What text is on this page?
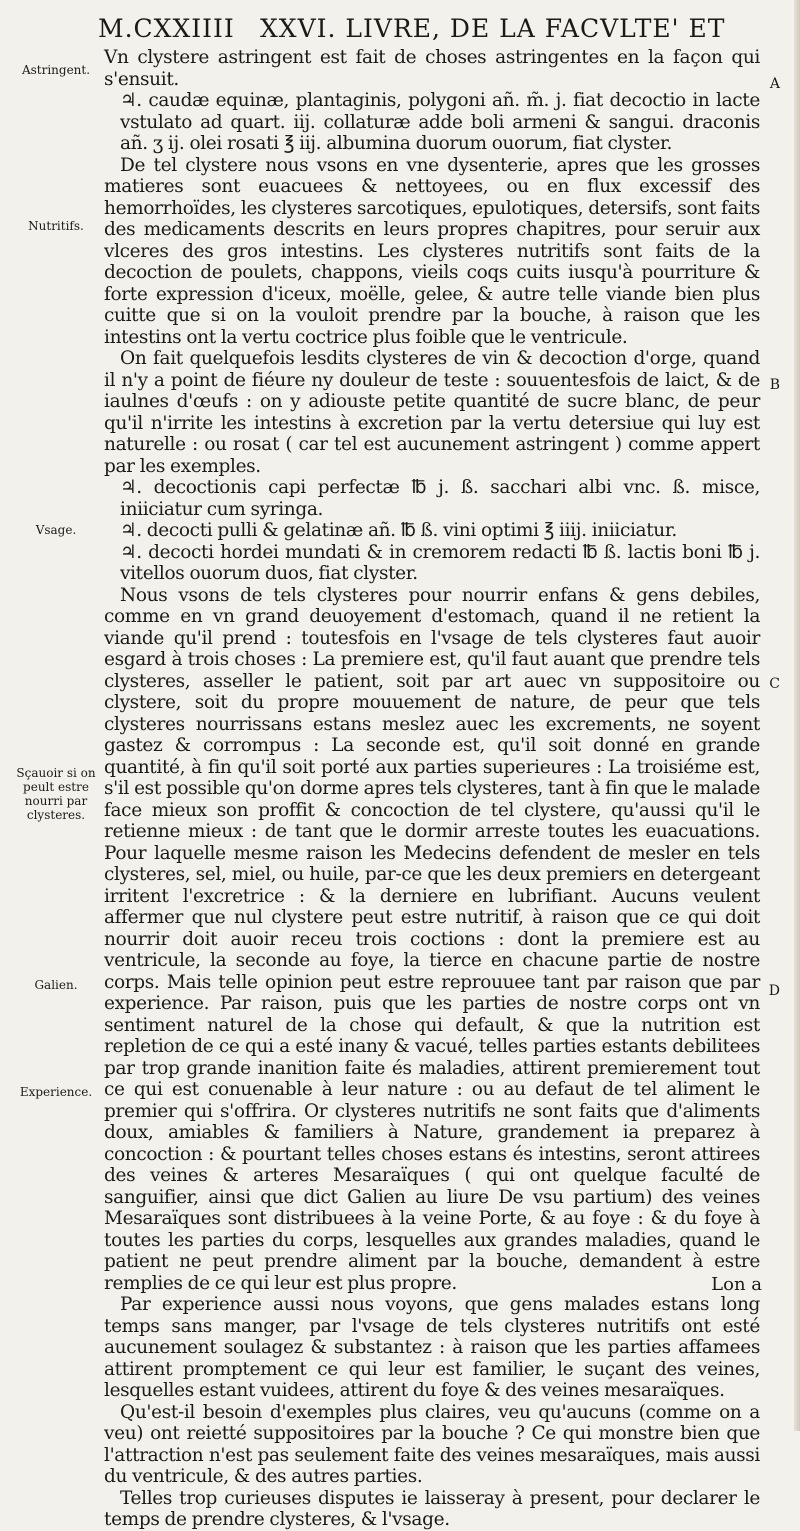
M.CXXIIII XXVI. LIVRE, DE LA FACVLTE' ET
Astringent.
Nutritifs.
Vsage.
Sçauoir si on peult estre nourri par clysteres.
Galien.
Experience.
A
B
C
D

Vn clystere astringent est fait de choses astringentes en la façon qui s'ensuit.

♃. caudæ equinæ, plantaginis, polygoni añ. m̃. j. fiat decoctio in lacte vstulato ad quart. iij. collaturæ adde boli armeni & sangui. draconis añ. ʒ ij. olei rosati ℥ iij. albumina duorum ouorum, fiat clyster.

De tel clystere nous vsons en vne dysenterie, apres que les grosses matieres sont euacuees & nettoyees, ou en flux excessif des hemorrhoïdes, les clysteres sarcotiques, epulotiques, detersifs, sont faits des medicaments descrits en leurs propres chapitres, pour seruir aux vlceres des gros intestins. Les clysteres nutritifs sont faits de la decoction de poulets, chappons, vieils coqs cuits iusqu'à pourriture & forte expression d'iceux, moëlle, gelee, & autre telle viande bien plus cuitte que si on la vouloit prendre par la bouche, à raison que les intestins ont la vertu coctrice plus foible que le ventricule.

On fait quelquefois lesdits clysteres de vin & decoction d'orge, quand il n'y a point de fiéure ny douleur de teste : souuentesfois de laict, & de iaulnes d'œufs : on y adiouste petite quantité de sucre blanc, de peur qu'il n'irrite les intestins à excretion par la vertu detersiue qui luy est naturelle : ou rosat ( car tel est aucunement astringent ) comme appert par les exemples.

♃. decoctionis capi perfectæ ℔ j. ß. sacchari albi vnc. ß. misce, iniiciatur cum syringa.

♃. decocti pulli & gelatinæ añ. ℔ ß. vini optimi ℥ iiij. iniiciatur.

♃. decocti hordei mundati & in cremorem redacti ℔ ß. lactis boni ℔ j. vitellos ouorum duos, fiat clyster.

Nous vsons de tels clysteres pour nourrir enfans & gens debiles, comme en vn grand deuoyement d'estomach, quand il ne retient la viande qu'il prend : toutesfois en l'vsage de tels clysteres faut auoir esgard à trois choses : La premiere est, qu'il faut auant que prendre tels clysteres, asseller le patient, soit par art auec vn suppositoire ou clystere, soit du propre mouuement de nature, de peur que tels clysteres nourrissans estans meslez auec les excrements, ne soyent gastez & corrompus : La seconde est, qu'il soit donné en grande quantité, à fin qu'il soit porté aux parties superieures : La troisiéme est, s'il est possible qu'on dorme apres tels clysteres, tant à fin que le malade face mieux son proffit & concoction de tel clystere, qu'aussi qu'il le retienne mieux : de tant que le dormir arreste toutes les euacuations. Pour laquelle mesme raison les Medecins defendent de mesler en tels clysteres, sel, miel, ou huile, par-ce que les deux premiers en detergeant irritent l'excretrice : & la derniere en lubrifiant. Aucuns veulent affermer que nul clystere peut estre nutritif, à raison que ce qui doit nourrir doit auoir receu trois coctions : dont la premiere est au ventricule, la seconde au foye, la tierce en chacune partie de nostre corps. Mais telle opinion peut estre reprouuee tant par raison que par experience. Par raison, puis que les parties de nostre corps ont vn sentiment naturel de la chose qui default, & que la nutrition est repletion de ce qui a esté inany & vacué, telles parties estants debilitees par trop grande inanition faite és maladies, attirent premierement tout ce qui est conuenable à leur nature : ou au defaut de tel aliment le premier qui s'offrira. Or clysteres nutritifs ne sont faits que d'aliments doux, amiables & familiers à Nature, grandement ia preparez à concoction : & pourtant telles choses estans és intestins, seront attirees des veines & arteres Mesaraïques ( qui ont quelque faculté de sanguifier, ainsi que dict Galien au liure De vsu partium) des veines Mesaraïques sont distribuees à la veine Porte, & au foye : & du foye à toutes les parties du corps, lesquelles aux grandes maladies, quand le patient ne peut prendre aliment par la bouche, demandent à estre remplies de ce qui leur est plus propre.

Par experience aussi nous voyons, que gens malades estans long temps sans manger, par l'vsage de tels clysteres nutritifs ont esté aucunement soulagez & substantez : à raison que les parties affamees attirent promptement ce qui leur est familier, le suçant des veines, lesquelles estant vuidees, attirent du foye & des veines mesaraïques.

Qu'est-il besoin d'exemples plus claires, veu qu'aucuns (comme on a veu) ont reietté suppositoires par la bouche ? Ce qui monstre bien que l'attraction n'est pas seulement faite des veines mesaraïques, mais aussi du ventricule, & des autres parties.

Telles trop curieuses disputes ie laisseray à present, pour declarer le temps de prendre clysteres, & l'vsage.

Lon a
